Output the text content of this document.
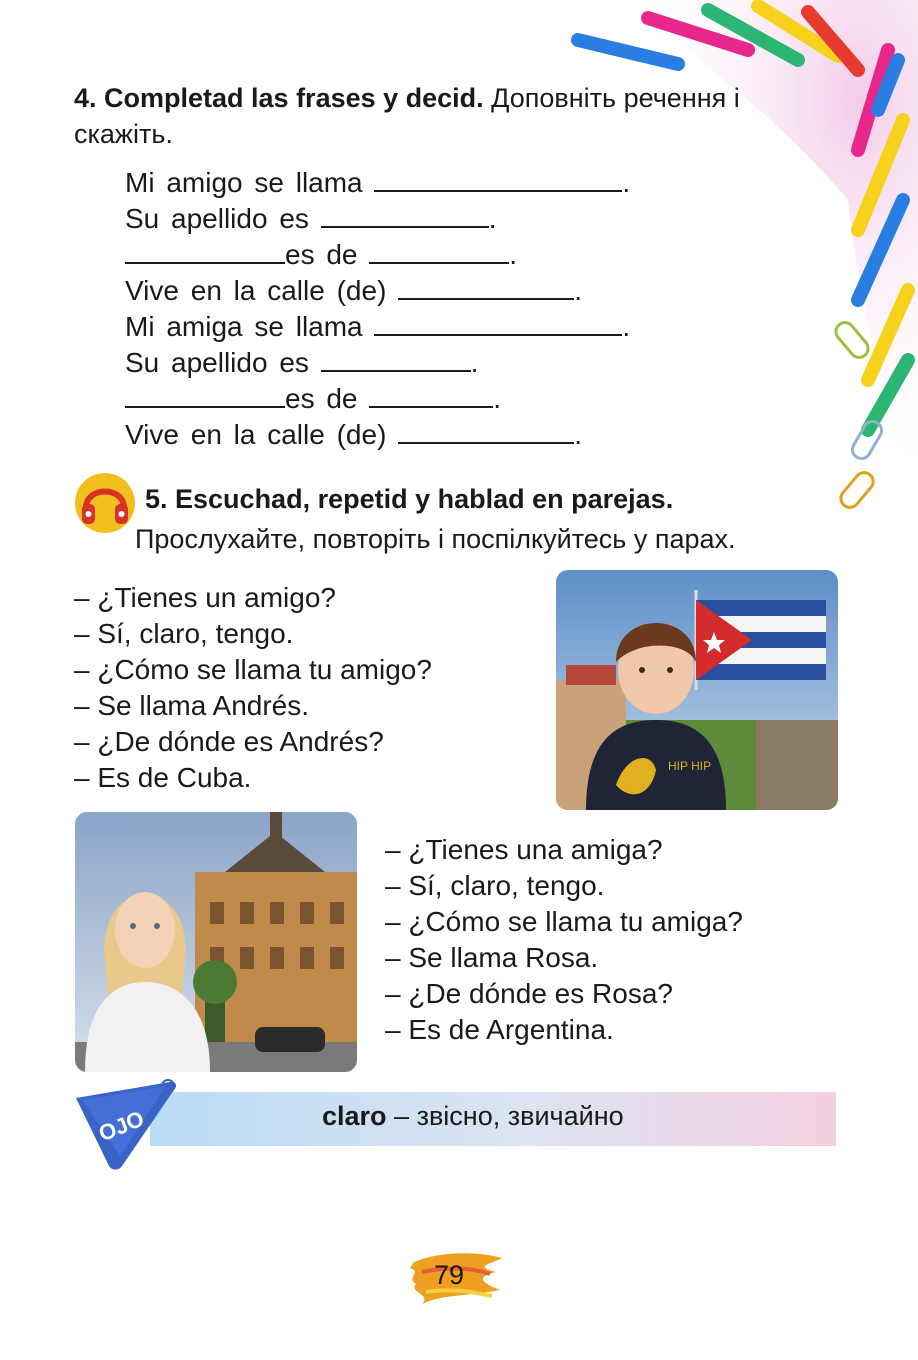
4. Completad las frases y decid. Доповніть речення і скажіть.
Mi amigo se llama	.
Su apellido es	.
es de	.
Vive en la calle (de)	.
Mi amiga se llama	.
Su apellido es	.
es de	.
Vive en la calle (de)	.
5. Escuchad, repetid y hablad en parejas.
Прослухайте, повторіть і поспілкуйтесь у парах.
– ¿Tienes un amigo?
– Sí, claro, tengo.
– ¿Cómo se llama tu amigo?
– Se llama Andrés.
– ¿De dónde es Andrés?
– Es de Cuba.	HIP HIP
– ¿Tienes una amiga?
– Sí, claro, tengo.
– ¿Cómo se llama tu amiga?
– Se llama Rosa.
– ¿De dónde es Rosa?
– Es de Argentina.
claro – звісно, звичайно
OJO
79
